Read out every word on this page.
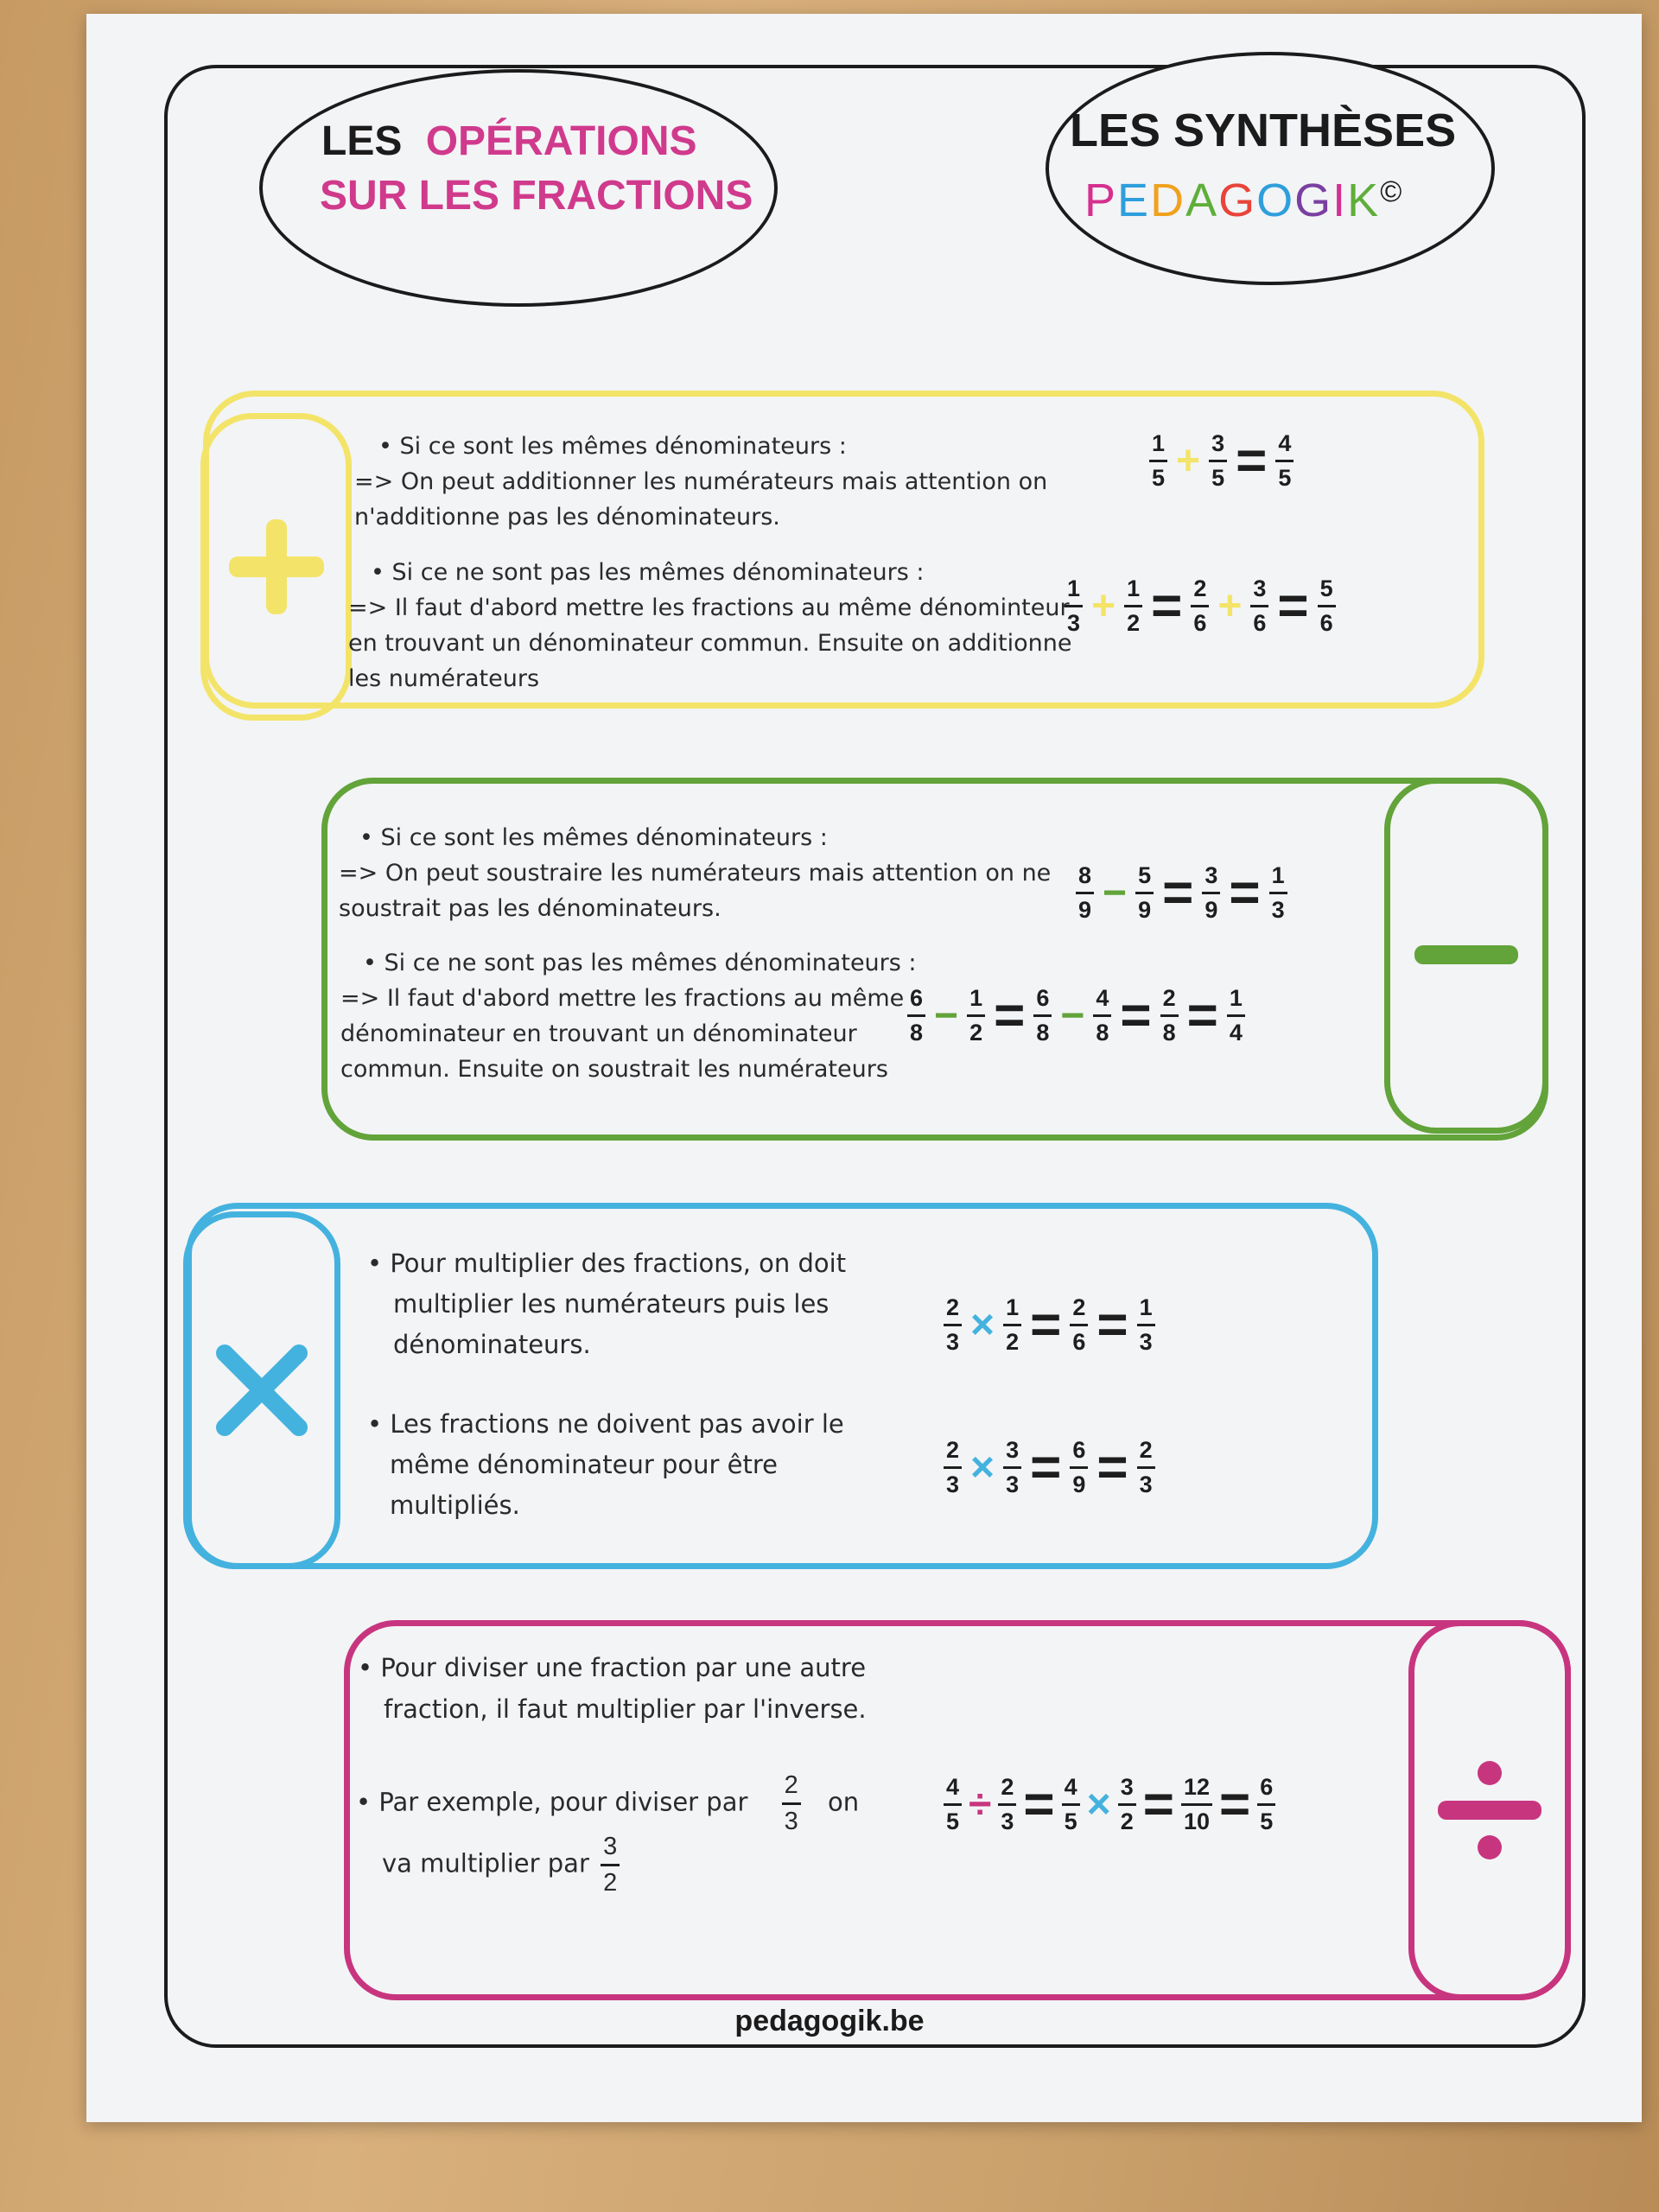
LES OPÉRATIONS
SUR LES FRACTIONS
LES SYNTHÈSES
PEDAGOGIK©

• Si ce sont les mêmes dénominateurs :

=> On peut additionner les numérateurs mais attention on

n'additionne pas les dénominateurs.

• Si ce ne sont pas les mêmes dénominateurs :

=> Il faut d'abord mettre les fractions au même dénominteur

en trouvant un dénominateur commun. Ensuite on additionne

les numérateurs

$\frac{1}{5} + \frac{3}{5} = \frac{4}{5}$
$\frac{1}{3} + \frac{1}{2} = \frac{2}{6} + \frac{3}{6} = \frac{5}{6}$

• Si ce sont les mêmes dénominateurs :

=> On peut soustraire les numérateurs mais attention on ne

soustrait pas les dénominateurs.

• Si ce ne sont pas les mêmes dénominateurs :

=> Il faut d'abord mettre les fractions au même

dénominateur en trouvant un dénominateur

commun. Ensuite on soustrait les numérateurs

$\frac{8}{9} - \frac{5}{9} = \frac{3}{9} = \frac{1}{3}$
$\frac{6}{8} - \frac{1}{2} = \frac{6}{8} - \frac{4}{8} = \frac{2}{8} = \frac{1}{4}$

• Pour multiplier des fractions, on doit

multiplier les numérateurs puis les

dénominateurs.

• Les fractions ne doivent pas avoir le

même dénominateur pour être

multipliés.

$\frac{2}{3} \times \frac{1}{2} = \frac{2}{6} = \frac{1}{3}$
$\frac{2}{3} \times \frac{3}{3} = \frac{6}{9} = \frac{2}{3}$

• Pour diviser une fraction par une autre

fraction, il faut multiplier par l'inverse.

• Par exemple, pour diviser par $\frac{2}{3}$ on

va multiplier par $\frac{3}{2}$

$\frac{4}{5} \div \frac{2}{3} = \frac{4}{5} \times \frac{3}{2} = \frac{12}{10} = \frac{6}{5}$
pedagogik.be
